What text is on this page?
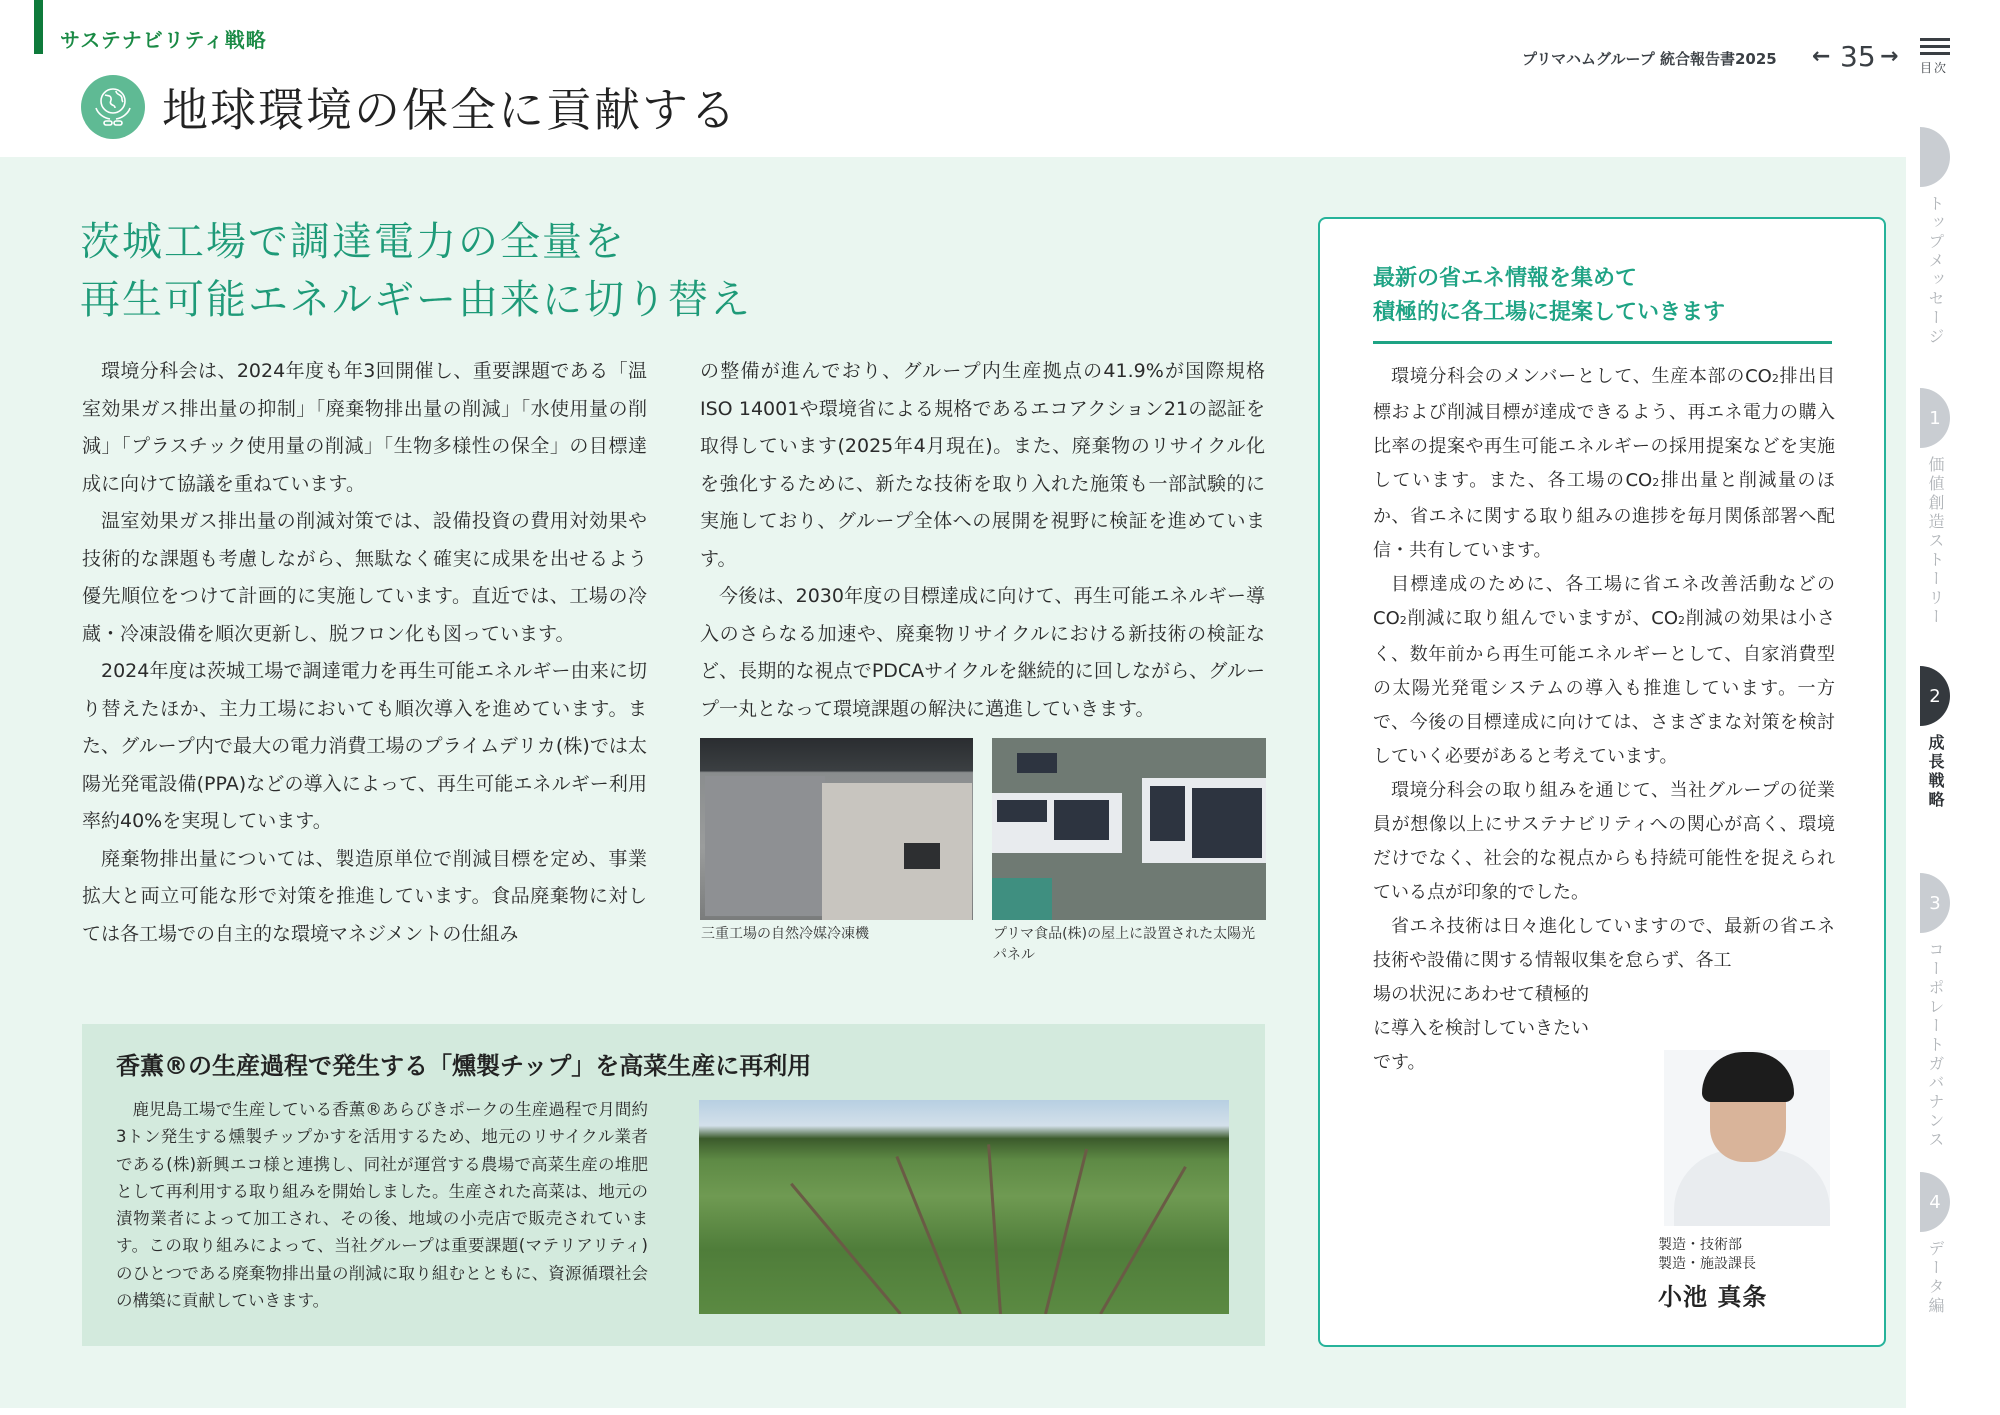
サステナビリティ戦略
地球環境の保全に貢献する
プリマハムグループ 統合報告書2025 ← 35 → 目次
トップメッセージ
1
価値創造ストーリー
2
成長戦略
3
コーポレートガバナンス
4
データ編
茨城工場で調達電力の全量を
再生可能エネルギー由来に切り替え

環境分科会は、2024年度も年3回開催し、重要課題である「温室効果ガス排出量の抑制」「廃棄物排出量の削減」「水使用量の削減」「プラスチック使用量の削減」「生物多様性の保全」の目標達成に向けて協議を重ねています。

温室効果ガス排出量の削減対策では、設備投資の費用対効果や技術的な課題も考慮しながら、無駄なく確実に成果を出せるよう優先順位をつけて計画的に実施しています。直近では、工場の冷蔵・冷凍設備を順次更新し、脱フロン化も図っています。

2024年度は茨城工場で調達電力を再生可能エネルギー由来に切り替えたほか、主力工場においても順次導入を進めています。また、グループ内で最大の電力消費工場のプライムデリカ(株)では太陽光発電設備(PPA)などの導入によって、再生可能エネルギー利用率約40%を実現しています。

廃棄物排出量については、製造原単位で削減目標を定め、事業拡大と両立可能な形で対策を推進しています。食品廃棄物に対しては各工場での自主的な環境マネジメントの仕組み

の整備が進んでおり、グループ内生産拠点の41.9%が国際規格ISO 14001や環境省による規格であるエコアクション21の認証を取得しています(2025年4月現在)。また、廃棄物のリサイクル化を強化するために、新たな技術を取り入れた施策も一部試験的に実施しており、グループ全体への展開を視野に検証を進めています。

今後は、2030年度の目標達成に向けて、再生可能エネルギー導入のさらなる加速や、廃棄物リサイクルにおける新技術の検証など、長期的な視点でPDCAサイクルを継続的に回しながら、グループ一丸となって環境課題の解決に邁進していきます。

三重工場の自然冷媒冷凍機	プリマ食品(株)の屋上に設置された太陽光パネル
香薫®の生産過程で発生する「燻製チップ」を高菜生産に再利用
鹿児島工場で生産している香薫®あらびきポークの生産過程で月間約3トン発生する燻製チップかすを活用するため、地元のリサイクル業者である(株)新興エコ様と連携し、同社が運営する農場で高菜生産の堆肥として再利用する取り組みを開始しました。生産された高菜は、地元の漬物業者によって加工され、その後、地域の小売店で販売されています。この取り組みによって、当社グループは重要課題(マテリアリティ)のひとつである廃棄物排出量の削減に取り組むとともに、資源循環社会の構築に貢献していきます。
最新の省エネ情報を集めて
積極的に各工場に提案していきます

環境分科会のメンバーとして、生産本部のCO2排出目標および削減目標が達成できるよう、再エネ電力の購入比率の提案や再生可能エネルギーの採用提案などを実施しています。また、各工場のCO2排出量と削減量のほか、省エネに関する取り組みの進捗を毎月関係部署へ配信・共有しています。

目標達成のために、各工場に省エネ改善活動などのCO2削減に取り組んでいますが、CO2削減の効果は小さく、数年前から再生可能エネルギーとして、自家消費型の太陽光発電システムの導入も推進しています。一方で、今後の目標達成に向けては、さまざまな対策を検討していく必要があると考えています。

環境分科会の取り組みを通じて、当社グループの従業員が想像以上にサステナビリティへの関心が高く、環境だけでなく、社会的な視点からも持続可能性を捉えられている点が印象的でした。

省エネ技術は日々進化していますので、最新の省エネ技術や設備に関する情報収集を怠らず、各工

場の状況にあわせて積極的
に導入を検討していきたい
です。
製造・技術部
製造・施設課長
小池 真条
